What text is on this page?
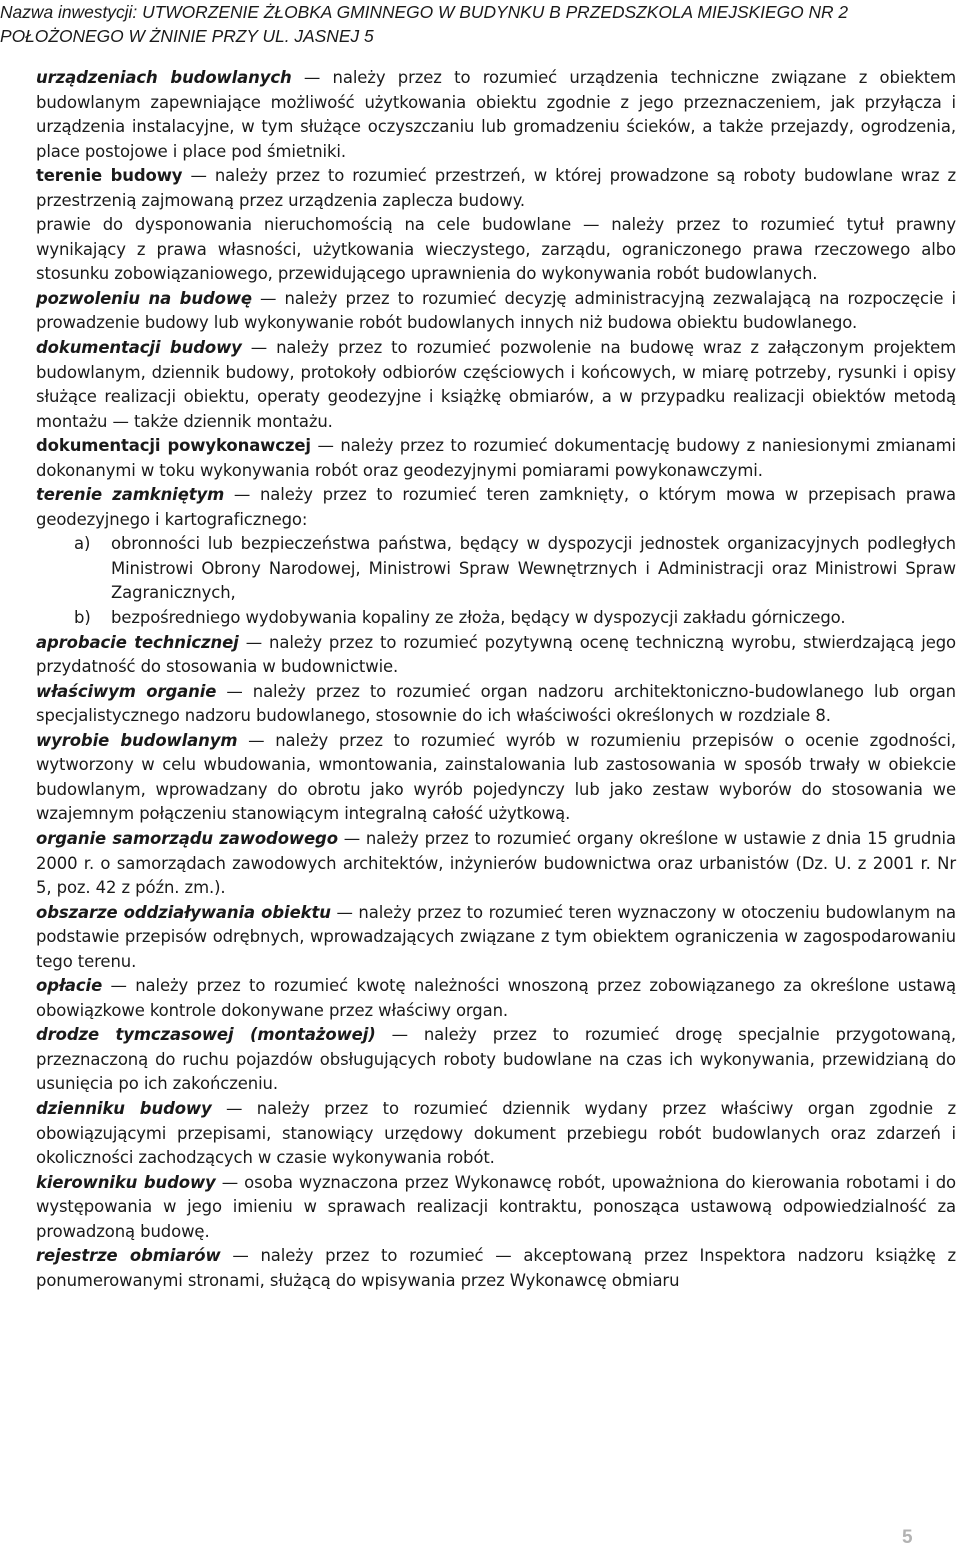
Nazwa inwestycji: UTWORZENIE ŻŁOBKA GMINNEGO W BUDYNKU B PRZEDSZKOLA MIEJSKIEGO NR 2
POŁOŻONEGO W ŻNINIE PRZY UL. JASNEJ 5

urządzeniach budowlanych — należy przez to rozumieć urządzenia techniczne związane z obiektem budowlanym zapewniające możliwość użytkowania obiektu zgodnie z jego przeznaczeniem, jak przyłącza i urządzenia instalacyjne, w tym służące oczyszczaniu lub gromadzeniu ścieków, a także przejazdy, ogrodzenia, place postojowe i place pod śmietniki.

terenie budowy — należy przez to rozumieć przestrzeń, w której prowadzone są roboty budowlane wraz z przestrzenią zajmowaną przez urządzenia zaplecza budowy.

prawie do dysponowania nieruchomością na cele budowlane — należy przez to rozumieć tytuł prawny wynikający z prawa własności, użytkowania wieczystego, zarządu, ograniczonego prawa rzeczowego albo stosunku zobowiązaniowego, przewidującego uprawnienia do wykonywania robót budowlanych.

pozwoleniu na budowę — należy przez to rozumieć decyzję administracyjną zezwalającą na rozpoczęcie i prowadzenie budowy lub wykonywanie robót budowlanych innych niż budowa obiektu budowlanego.

dokumentacji budowy — należy przez to rozumieć pozwolenie na budowę wraz z załączonym projektem budowlanym, dziennik budowy, protokoły odbiorów częściowych i końcowych, w miarę potrzeby, rysunki i opisy służące realizacji obiektu, operaty geodezyjne i książkę obmiarów, a w przypadku realizacji obiektów metodą montażu — także dziennik montażu.

dokumentacji powykonawczej — należy przez to rozumieć dokumentację budowy z naniesionymi zmianami dokonanymi w toku wykonywania robót oraz geodezyjnymi pomiarami powykonawczymi.

terenie zamkniętym — należy przez to rozumieć teren zamknięty, o którym mowa w przepisach prawa geodezyjnego i kartograficznego:

a)	obronności lub bezpieczeństwa państwa, będący w dyspozycji jednostek organizacyjnych podległych Ministrowi Obrony Narodowej, Ministrowi Spraw Wewnętrznych i Administracji oraz Ministrowi Spraw Zagranicznych,
b)	bezpośredniego wydobywania kopaliny ze złoża, będący w dyspozycji zakładu górniczego.

aprobacie technicznej — należy przez to rozumieć pozytywną ocenę techniczną wyrobu, stwierdzającą jego przydatność do stosowania w budownictwie.

właściwym organie — należy przez to rozumieć organ nadzoru architektoniczno-budowlanego lub organ specjalistycznego nadzoru budowlanego, stosownie do ich właściwości określonych w rozdziale 8.

wyrobie budowlanym — należy przez to rozumieć wyrób w rozumieniu przepisów o ocenie zgodności, wytworzony w celu wbudowania, wmontowania, zainstalowania lub zastosowania w sposób trwały w obiekcie budowlanym, wprowadzany do obrotu jako wyrób pojedynczy lub jako zestaw wyborów do stosowania we wzajemnym połączeniu stanowiącym integralną całość użytkową.

organie samorządu zawodowego — należy przez to rozumieć organy określone w ustawie z dnia 15 grudnia 2000 r. o samorządach zawodowych architektów, inżynierów budownictwa oraz urbanistów (Dz. U. z 2001 r. Nr 5, poz. 42 z późn. zm.).

obszarze oddziaływania obiektu — należy przez to rozumieć teren wyznaczony w otoczeniu budowlanym na podstawie przepisów odrębnych, wprowadzających związane z tym obiektem ograniczenia w zagospodarowaniu tego terenu.

opłacie — należy przez to rozumieć kwotę należności wnoszoną przez zobowiązanego za określone ustawą obowiązkowe kontrole dokonywane przez właściwy organ.

drodze tymczasowej (montażowej) — należy przez to rozumieć drogę specjalnie przygotowaną, przeznaczoną do ruchu pojazdów obsługujących roboty budowlane na czas ich wykonywania, przewidzianą do usunięcia po ich zakończeniu.

dzienniku budowy — należy przez to rozumieć dziennik wydany przez właściwy organ zgodnie z obowiązującymi przepisami, stanowiący urzędowy dokument przebiegu robót budowlanych oraz zdarzeń i okoliczności zachodzących w czasie wykonywania robót.

kierowniku budowy — osoba wyznaczona przez Wykonawcę robót, upoważniona do kierowania robotami i do występowania w jego imieniu w sprawach realizacji kontraktu, ponosząca ustawową odpowiedzialność za prowadzoną budowę.

rejestrze obmiarów — należy przez to rozumieć — akceptowaną przez Inspektora nadzoru książkę z ponumerowanymi stronami, służącą do wpisywania przez Wykonawcę obmiaru

5
